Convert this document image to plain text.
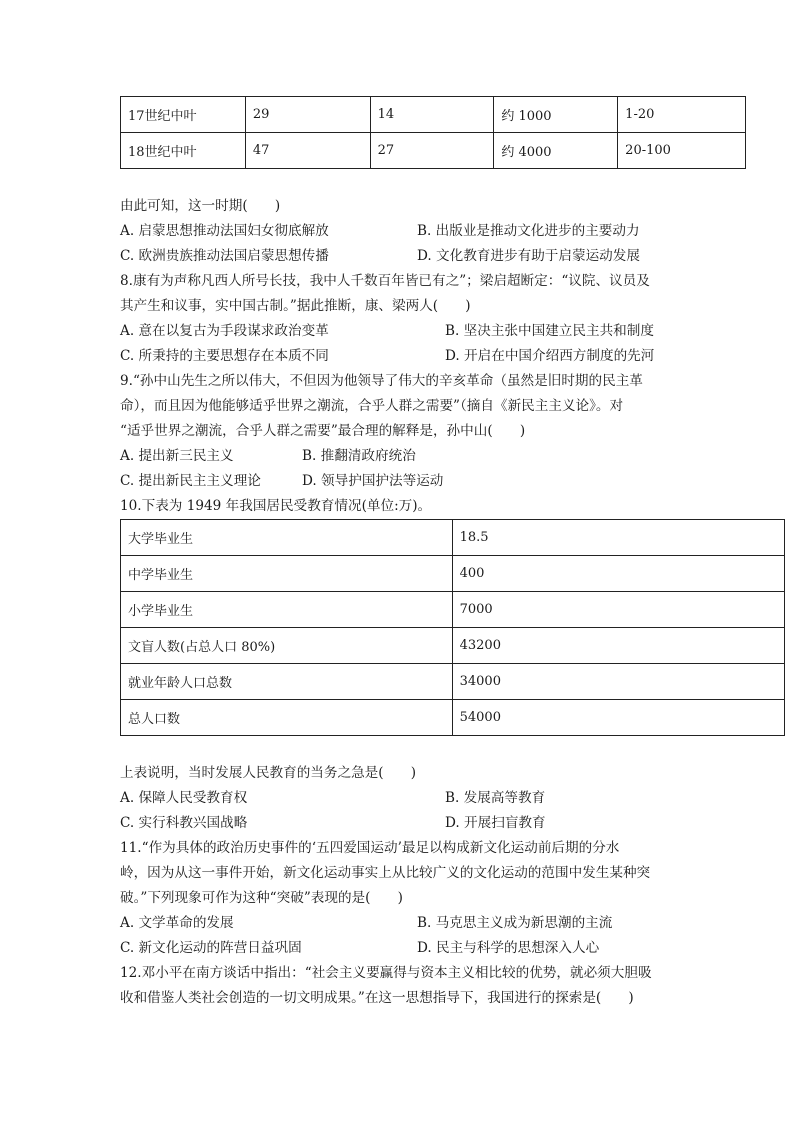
17世纪中叶	29	14	约 1000	1-20
18世纪中叶	47	27	约 4000	20-100
由此可知，这一时期(　　)
A. 启蒙思想推动法国妇女彻底解放	B. 出版业是推动文化进步的主要动力
C. 欧洲贵族推动法国启蒙思想传播	D. 文化教育进步有助于启蒙运动发展
8.康有为声称凡西人所号长技，我中人千数百年皆已有之”；梁启超断定：“议院、议员及
其产生和议事，实中国古制。”据此推断，康、梁两人(　　)
A. 意在以复古为手段谋求政治变革	B. 坚决主张中国建立民主共和制度
C. 所秉持的主要思想存在本质不同	D. 开启在中国介绍西方制度的先河
9.“孙中山先生之所以伟大，不但因为他领导了伟大的辛亥革命（虽然是旧时期的民主革
命），而且因为他能够适乎世界之潮流，合乎人群之需要”（摘自《新民主主义论》。对
“适乎世界之潮流，合乎人群之需要”最合理的解释是，孙中山(　　)
A. 提出新三民主义	B. 推翻清政府统治
C. 提出新民主主义理论	D. 领导护国护法等运动
10.下表为 1949 年我国居民受教育情况(单位:万)。
大学毕业生	18.5
中学毕业生	400
小学毕业生	7000
文盲人数(占总人口 80%)	43200
就业年龄人口总数	34000
总人口数	54000
上表说明，当时发展人民教育的当务之急是(　　)
A. 保障人民受教育权	B. 发展高等教育
C. 实行科教兴国战略	D. 开展扫盲教育
11.“作为具体的政治历史事件的‘五四爱国运动’最足以构成新文化运动前后期的分水
岭，因为从这一事件开始，新文化运动事实上从比较广义的文化运动的范围中发生某种突
破。”下列现象可作为这种“突破”表现的是(　　)
A. 文学革命的发展	B. 马克思主义成为新思潮的主流
C. 新文化运动的阵营日益巩固	D. 民主与科学的思想深入人心
12.邓小平在南方谈话中指出：“社会主义要赢得与资本主义相比较的优势，就必须大胆吸
收和借鉴人类社会创造的一切文明成果。”在这一思想指导下，我国进行的探索是(　　)
